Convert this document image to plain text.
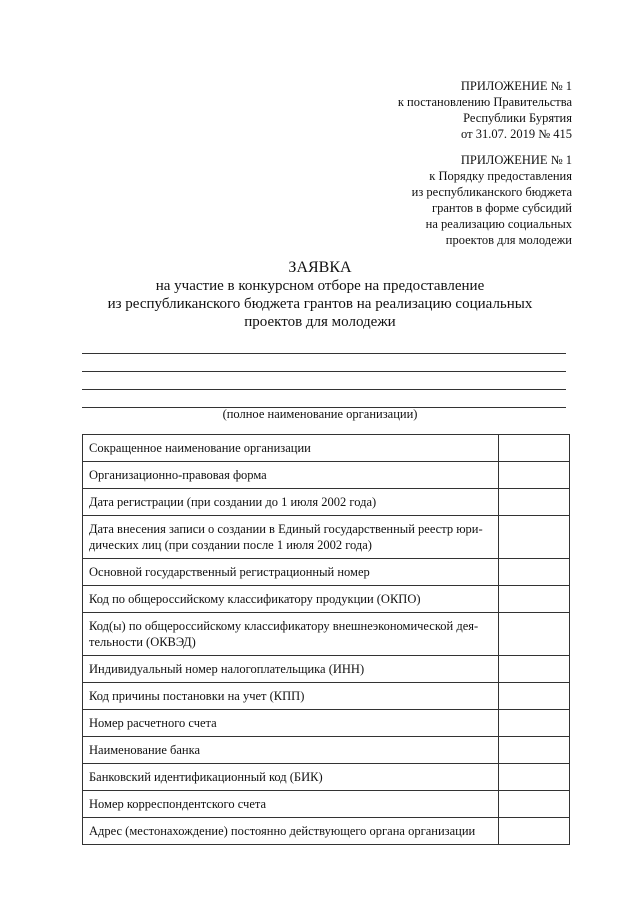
ПРИЛОЖЕНИЕ № 1
к постановлению Правительства
Республики Бурятия
от 31.07. 2019 № 415
ПРИЛОЖЕНИЕ № 1
к Порядку предоставления
из республиканского бюджета
грантов в форме субсидий
на реализацию социальных
проектов для молодежи
ЗАЯВКА
на участие в конкурсном отборе на предоставление
из республиканского бюджета грантов на реализацию социальных
проектов для молодежи
(полное наименование организации)
Сокращенное наименование организации	
Организационно-правовая форма	
Дата регистрации (при создании до 1 июля 2002 года)	
Дата внесения записи о создании в Единый государственный реестр юри-дических лиц (при создании после 1 июля 2002 года)	
Основной государственный регистрационный номер	
Код по общероссийскому классификатору продукции (ОКПО)	
Код(ы) по общероссийскому классификатору внешнеэкономической дея-тельности (ОКВЭД)	
Индивидуальный номер налогоплательщика (ИНН)	
Код причины постановки на учет (КПП)	
Номер расчетного счета	
Наименование банка	
Банковский идентификационный код (БИК)	
Номер корреспондентского счета	
Адрес (местонахождение) постоянно действующего органа организации	
